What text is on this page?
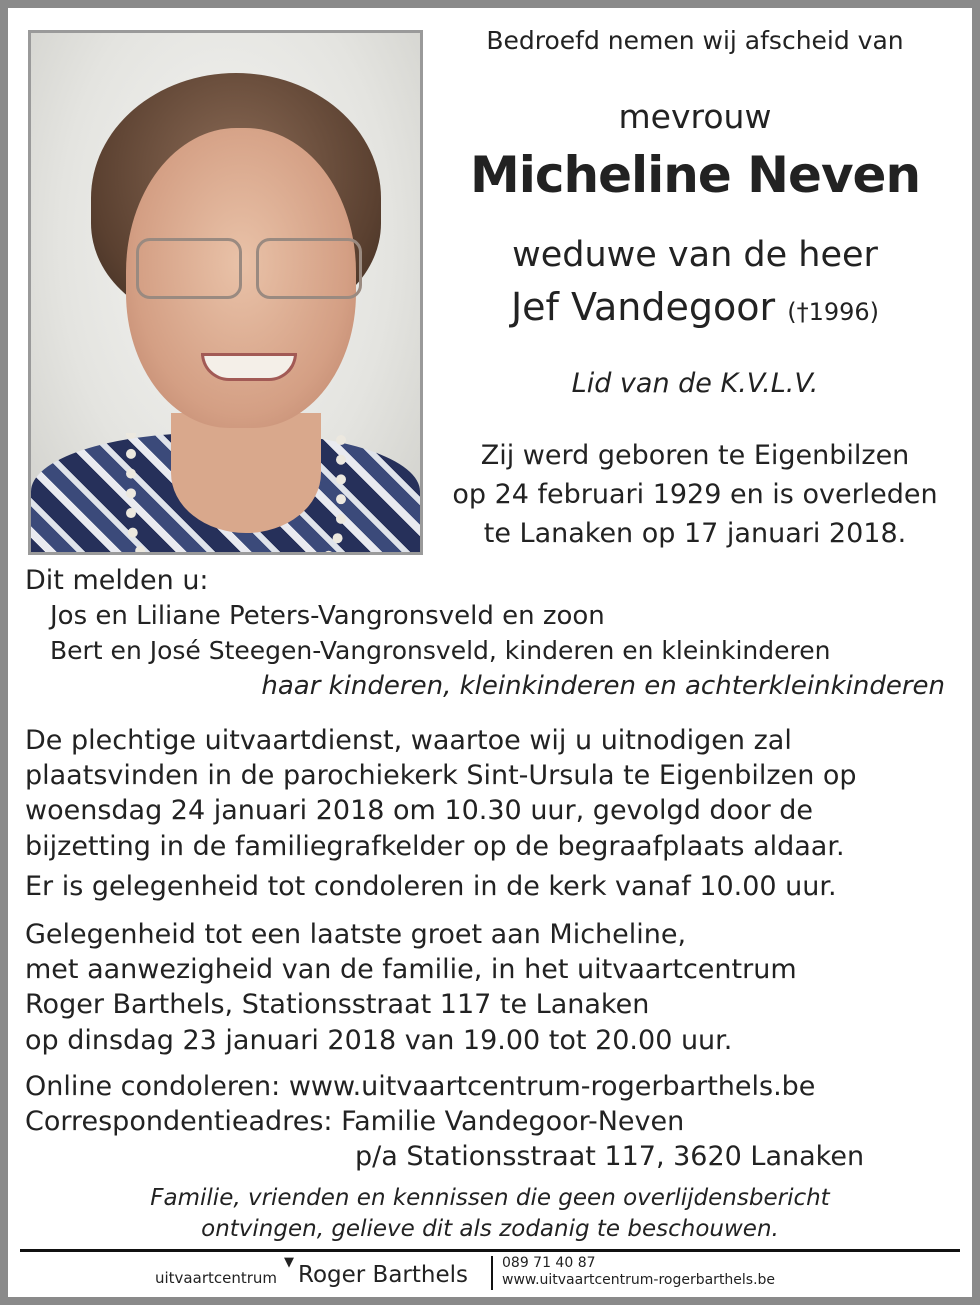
Bedroefd nemen wij afscheid van
mevrouw
Micheline Neven
weduwe van de heer
Jef Vandegoor (†1996)
Lid van de K.V.L.V.
Zij werd geboren te Eigenbilzen
op 24 februari 1929 en is overleden
te Lanaken op 17 januari 2018.
Dit melden u:
Jos en Liliane Peters-Vangronsveld en zoon
Bert en José Steegen-Vangronsveld, kinderen en kleinkinderen
haar kinderen, kleinkinderen en achterkleinkinderen
De plechtige uitvaartdienst, waartoe wij u uitnodigen zal
plaatsvinden in de parochiekerk Sint-Ursula te Eigenbilzen op
woensdag 24 januari 2018 om 10.30 uur, gevolgd door de
bijzetting in de familiegrafkelder op de begraafplaats aldaar.
Er is gelegenheid tot condoleren in de kerk vanaf 10.00 uur.
Gelegenheid tot een laatste groet aan Micheline,
met aanwezigheid van de familie, in het uitvaartcentrum
Roger Barthels, Stationsstraat 117 te Lanaken
op dinsdag 23 januari 2018 van 19.00 tot 20.00 uur.
Online condoleren: www.uitvaartcentrum-rogerbarthels.be
Correspondentieadres: Familie Vandegoor-Neven
p/a Stationsstraat 117, 3620 Lanaken
Familie, vrienden en kennissen die geen overlijdensbericht
ontvingen, gelieve dit als zodanig te beschouwen.
uitvaartcentrum
▼ Roger Barthels 089 71 40 87
www.uitvaartcentrum-rogerbarthels.be
